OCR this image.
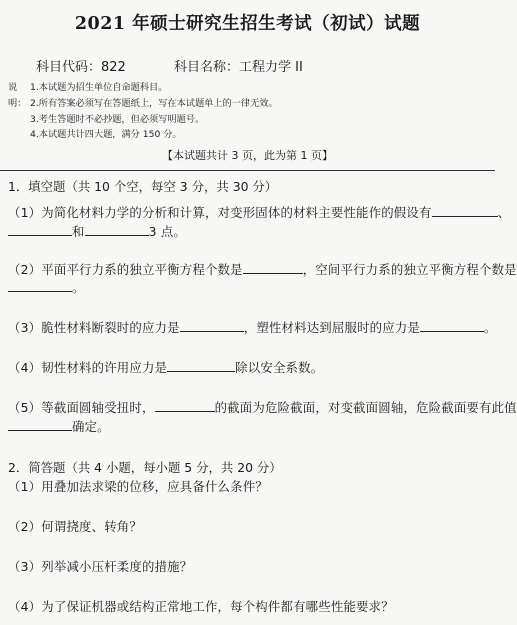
2021 年硕士研究生招生考试（初试）试题
科目代码：822	科目名称：工程力学 II
说明：
1.本试题为招生单位自命题科目。
2.所有答案必须写在答题纸上，写在本试题单上的一律无效。
3.考生答题时不必抄题，但必须写明题号。
4.本试题共计四大题，满分 150 分。
【本试题共计 3 页，此为第 1 页】
1．填空题（共 10 个空，每空 3 分，共 30 分）
（1）为简化材料力学的分析和计算，对变形固体的材料主要性能作的假设有	、
和	3 点。
（2）平面平行力系的独立平衡方程个数是	，空间平行力系的独立平衡方程个数是
。
（3）脆性材料断裂时的应力是	，塑性材料达到屈服时的应力是	。
（4）韧性材料的许用应力是	除以安全系数。
（5）等截面圆轴受扭时，	的截面为危险截面，对变截面圆轴，危险截面要有此值
确定。
2．简答题（共 4 小题，每小题 5 分，共 20 分）
（1）用叠加法求梁的位移，应具备什么条件？
（2）何谓挠度、转角？
（3）列举减小压杆柔度的措施？
（4）为了保证机器或结构正常地工作，每个构件都有哪些性能要求？
